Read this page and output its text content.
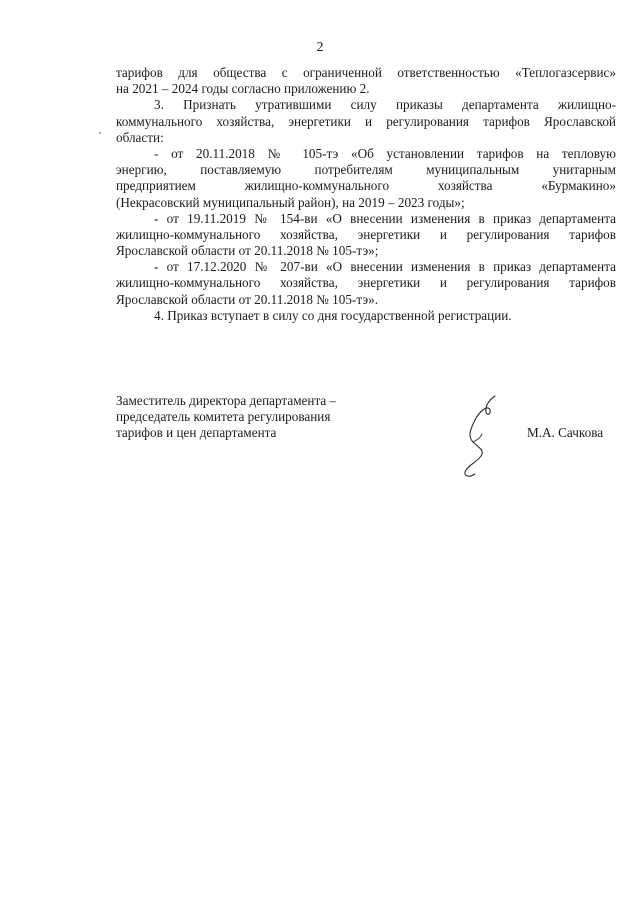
2
тарифов для общества с ограниченной ответственностью «Теплогазсервис»
на 2021 – 2024 годы согласно приложению 2.
3. Признать утратившими силу приказы департамента жилищно-
коммунального хозяйства, энергетики и регулирования тарифов Ярославской
области:
- от 20.11.2018 № 105-тэ «Об установлении тарифов на тепловую
энергию, поставляемую потребителям муниципальным унитарным
предприятием жилищно-коммунального хозяйства «Бурмакино»
(Некрасовский муниципальный район), на 2019 – 2023 годы»;
- от 19.11.2019 № 154-ви «О внесении изменения в приказ департамента
жилищно-коммунального хозяйства, энергетики и регулирования тарифов
Ярославской области от 20.11.2018 № 105-тэ»;
- от 17.12.2020 № 207-ви «О внесении изменения в приказ департамента
жилищно-коммунального хозяйства, энергетики и регулирования тарифов
Ярославской области от 20.11.2018 № 105-тэ».
4. Приказ вступает в силу со дня государственной регистрации.
Заместитель директора департамента –
председатель комитета регулирования
тарифов и цен департамента	М.А. Сачкова
